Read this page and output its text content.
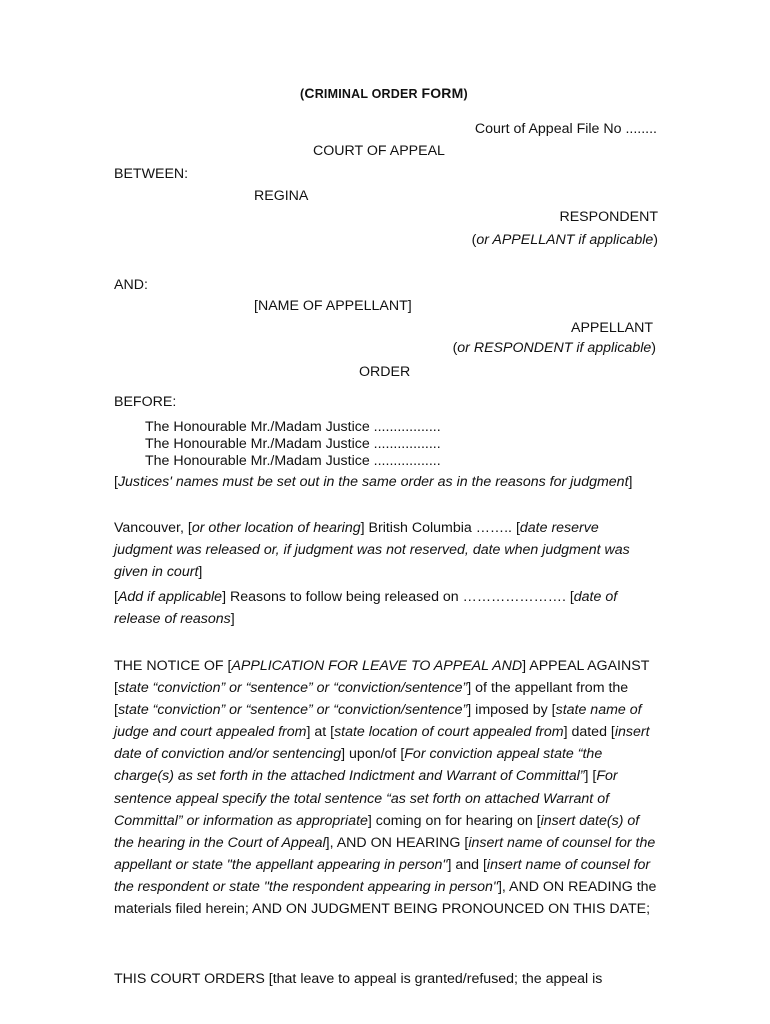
(CRIMINAL ORDER FORM)
Court of Appeal File No ........
COURT OF APPEAL
BETWEEN:
REGINA
RESPONDENT
(or APPELLANT if applicable)
AND:
[NAME OF APPELLANT]
APPELLANT
(or RESPONDENT if applicable)
ORDER
BEFORE:
The Honourable Mr./Madam Justice .................
The Honourable Mr./Madam Justice .................
The Honourable Mr./Madam Justice .................
[Justices' names must be set out in the same order as in the reasons for judgment]
Vancouver, [or other location of hearing] British Columbia …….. [date reserve judgment was released or, if judgment was not reserved, date when judgment was given in court]
[Add if applicable] Reasons to follow being released on …………………. [date of release of reasons]
THE NOTICE OF [APPLICATION FOR LEAVE TO APPEAL AND] APPEAL AGAINST [state “conviction” or “sentence” or “conviction/sentence”] of the appellant from the [state “conviction” or “sentence” or “conviction/sentence”] imposed by [state name of judge and court appealed from] at [state location of court appealed from] dated [insert date of conviction and/or sentencing] upon/of [For conviction appeal state “the charge(s) as set forth in the attached Indictment and Warrant of Committal”] [For sentence appeal specify the total sentence “as set forth on attached Warrant of Committal” or information as appropriate] coming on for hearing on [insert date(s) of the hearing in the Court of Appeal], AND ON HEARING [insert name of counsel for the appellant or state "the appellant appearing in person"] and [insert name of counsel for the respondent or state "the respondent appearing in person"], AND ON READING the materials filed herein; AND ON JUDGMENT BEING PRONOUNCED ON THIS DATE;
THIS COURT ORDERS [that leave to appeal is granted/refused; the appeal is
